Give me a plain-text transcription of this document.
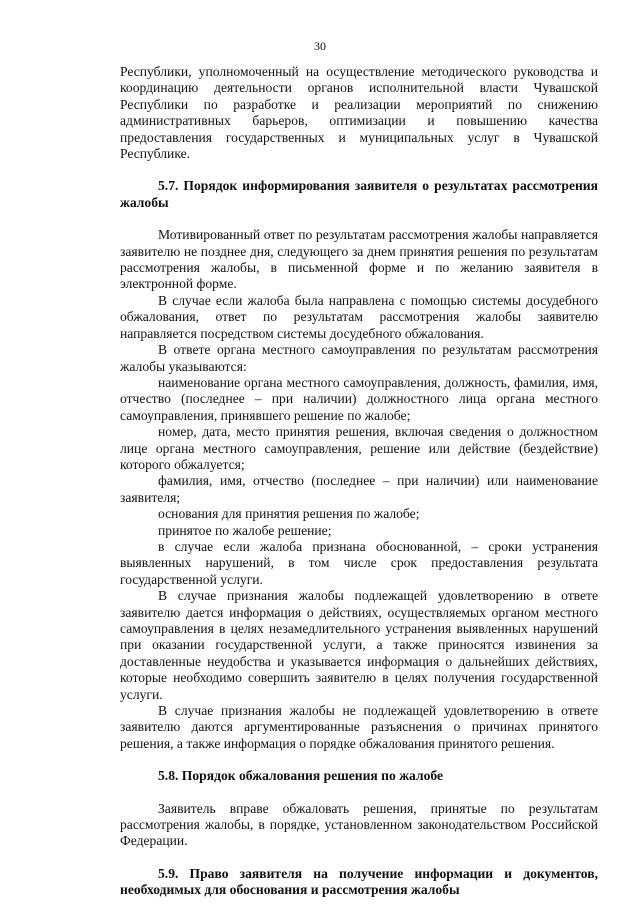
30

Республики, уполномоченный на осуществление методического руководства и координацию деятельности органов исполнительной власти Чувашской Республики по разработке и реализации мероприятий по снижению административных барьеров, оптимизации и повышению качества предоставления государственных и муниципальных услуг в Чувашской Республике.

5.7. Порядок информирования заявителя о результатах рассмотрения жалобы

Мотивированный ответ по результатам рассмотрения жалобы направляется заявителю не позднее дня, следующего за днем принятия решения по результатам рассмотрения жалобы, в письменной форме и по желанию заявителя в электронной форме.

В случае если жалоба была направлена с помощью системы досудебного обжалования, ответ по результатам рассмотрения жалобы заявителю направляется посредством системы досудебного обжалования.

В ответе органа местного самоуправления по результатам рассмотрения жалобы указываются:

наименование органа местного самоуправления, должность, фамилия, имя, отчество (последнее – при наличии) должностного лица органа местного самоуправления, принявшего решение по жалобе;

номер, дата, место принятия решения, включая сведения о должностном лице органа местного самоуправления, решение или действие (бездействие) которого обжалуется;

фамилия, имя, отчество (последнее – при наличии) или наименование заявителя;

основания для принятия решения по жалобе;

принятое по жалобе решение;

в случае если жалоба признана обоснованной, – сроки устранения выявленных нарушений, в том числе срок предоставления результата государственной услуги.

В случае признания жалобы подлежащей удовлетворению в ответе заявителю дается информация о действиях, осуществляемых органом местного самоуправления в целях незамедлительного устранения выявленных нарушений при оказании государственной услуги, а также приносятся извинения за доставленные неудобства и указывается информация о дальнейших действиях, которые необходимо совершить заявителю в целях получения государственной услуги.

В случае признания жалобы не подлежащей удовлетворению в ответе заявителю даются аргументированные разъяснения о причинах принятого решения, а также информация о порядке обжалования принятого решения.

5.8. Порядок обжалования решения по жалобе

Заявитель вправе обжаловать решения, принятые по результатам рассмотрения жалобы, в порядке, установленном законодательством Российской Федерации.

5.9. Право заявителя на получение информации и документов, необходимых для обоснования и рассмотрения жалобы
